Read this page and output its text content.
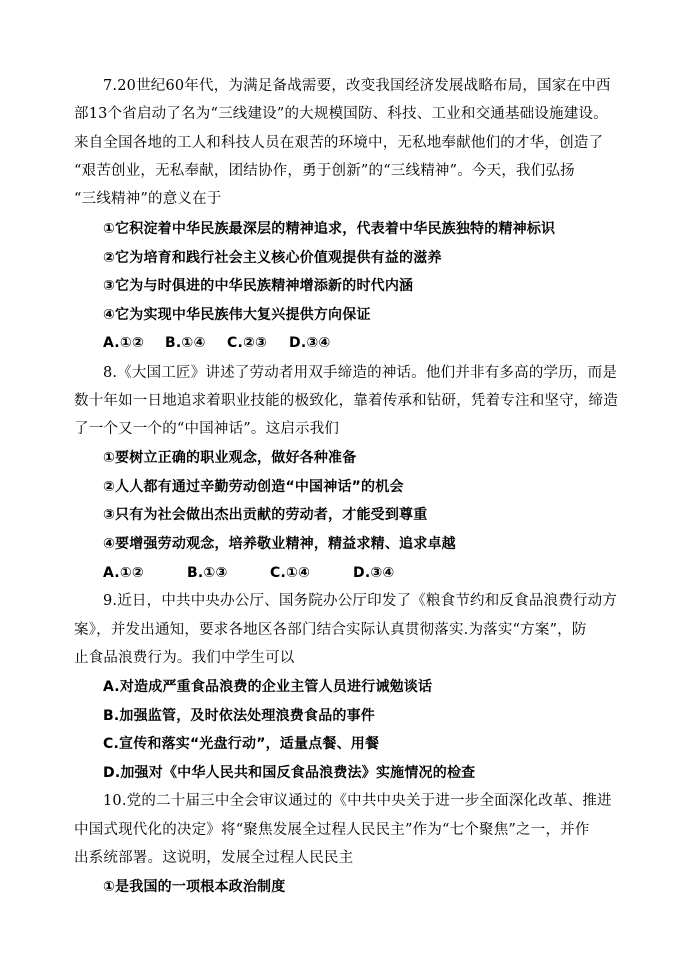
7.20世纪60年代，为满足备战需要，改变我国经济发展战略布局，国家在中西
部13个省启动了名为“三线建设”的大规模国防、科技、工业和交通基础设施建设。
来自全国各地的工人和科技人员在艰苦的环境中，无私地奉献他们的才华，创造了
“艰苦创业，无私奉献，团结协作，勇于创新”的“三线精神”。今天，我们弘扬
“三线精神”的意义在于
①它积淀着中华民族最深层的精神追求，代表着中华民族独特的精神标识
②它为培育和践行社会主义核心价值观提供有益的滋养
③它为与时俱进的中华民族精神增添新的时代内涵
④它为实现中华民族伟大复兴提供方向保证
A.①② B.①④ C.②③ D.③④
8.《大国工匠》讲述了劳动者用双手缔造的神话。他们并非有多高的学历，而是
数十年如一日地追求着职业技能的极致化，靠着传承和钻研，凭着专注和坚守，缔造
了一个又一个的“中国神话”。这启示我们
①要树立正确的职业观念，做好各种准备
②人人都有通过辛勤劳动创造“中国神话”的机会
③只有为社会做出杰出贡献的劳动者，才能受到尊重
④要增强劳动观念，培养敬业精神，精益求精、追求卓越
A.①②	B.①③	C.①④	D.③④
9.近日，中共中央办公厅、国务院办公厅印发了《粮食节约和反食品浪费行动方
案》，并发出通知，要求各地区各部门结合实际认真贯彻落实.为落实“方案”，防
止食品浪费行为。我们中学生可以
A.对造成严重食品浪费的企业主管人员进行诫勉谈话
B.加强监管，及时依法处理浪费食品的事件
C.宣传和落实“光盘行动”，适量点餐、用餐
D.加强对《中华人民共和国反食品浪费法》实施情况的检查
10.党的二十届三中全会审议通过的《中共中央关于进一步全面深化改革、推进
中国式现代化的决定》将“聚焦发展全过程人民民主”作为“七个聚焦”之一，并作
出系统部署。这说明，发展全过程人民民主
①是我国的一项根本政治制度
